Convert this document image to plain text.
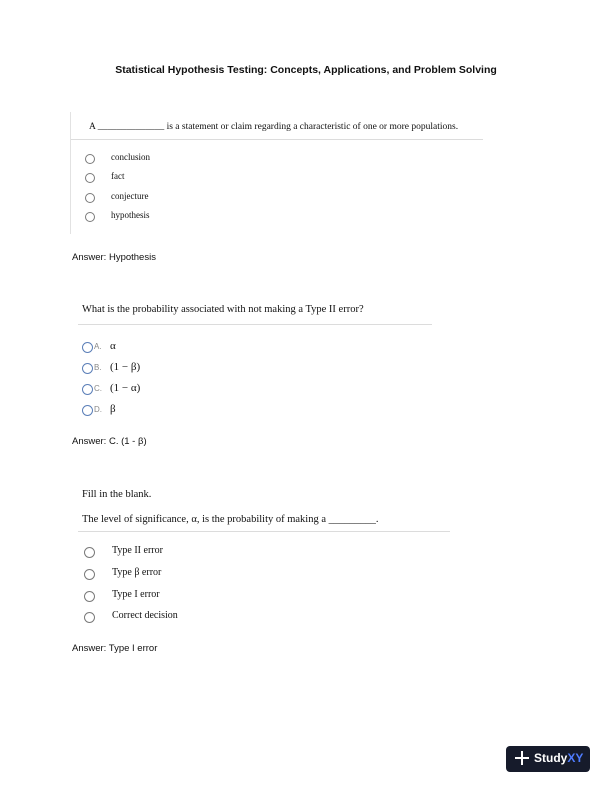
Statistical Hypothesis Testing: Concepts, Applications, and Problem Solving
A ______________ is a statement or claim regarding a characteristic of one or more populations.
conclusion
fact
conjecture
hypothesis
Answer: Hypothesis
What is the probability associated with not making a Type II error?
A. α
B. (1 − β)
C. (1 − α)
D. β
Answer: C. (1 - β)
Fill in the blank.
The level of significance, α, is the probability of making a _________.
Type II error
Type β error
Type I error
Correct decision
Answer: Type I error
StudyXY
